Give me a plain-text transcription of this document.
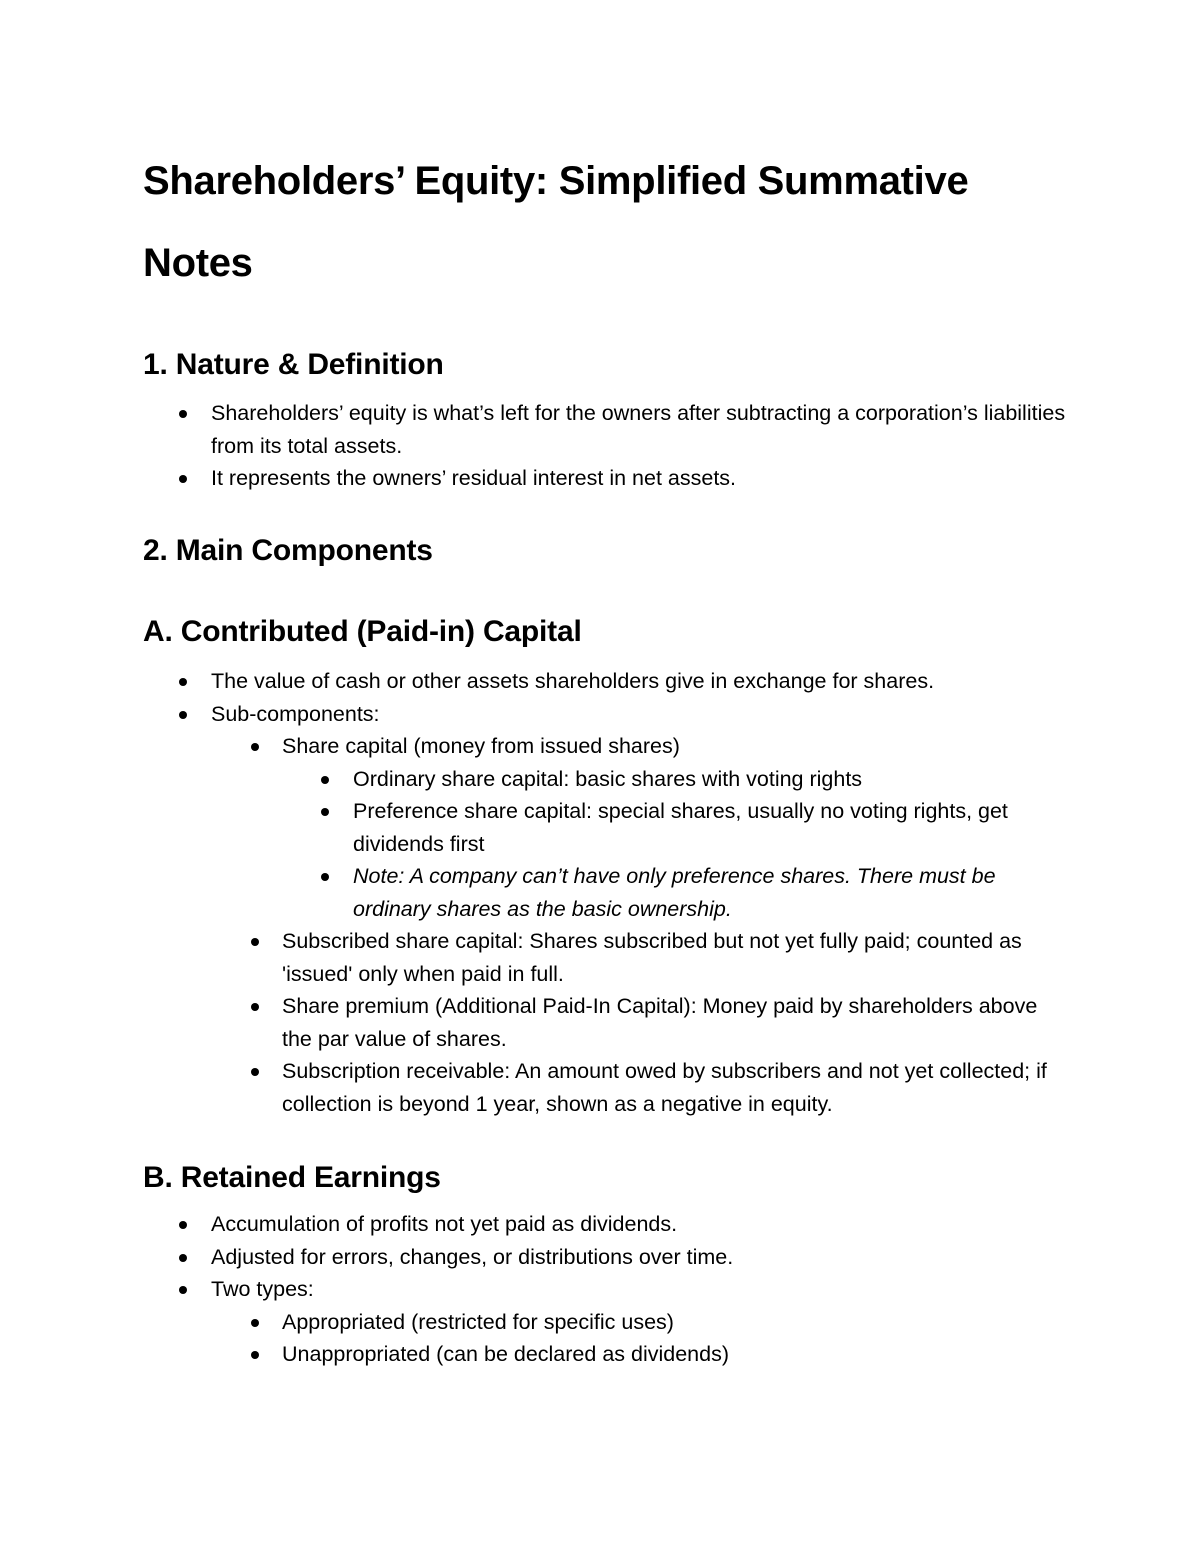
Shareholders’ Equity: Simplified Summative Notes
1. Nature & Definition
Shareholders’ equity is what’s left for the owners after subtracting a corporation’s liabilities from its total assets.
It represents the owners’ residual interest in net assets.
2. Main Components
A. Contributed (Paid-in) Capital
The value of cash or other assets shareholders give in exchange for shares.
Sub-components:
Share capital (money from issued shares)
Ordinary share capital: basic shares with voting rights
Preference share capital: special shares, usually no voting rights, get dividends first
Note: A company can’t have only preference shares. There must be ordinary shares as the basic ownership.
Subscribed share capital: Shares subscribed but not yet fully paid; counted as 'issued' only when paid in full.
Share premium (Additional Paid-In Capital): Money paid by shareholders above the par value of shares.
Subscription receivable: An amount owed by subscribers and not yet collected; if collection is beyond 1 year, shown as a negative in equity.
B. Retained Earnings
Accumulation of profits not yet paid as dividends.
Adjusted for errors, changes, or distributions over time.
Two types:
Appropriated (restricted for specific uses)
Unappropriated (can be declared as dividends)
